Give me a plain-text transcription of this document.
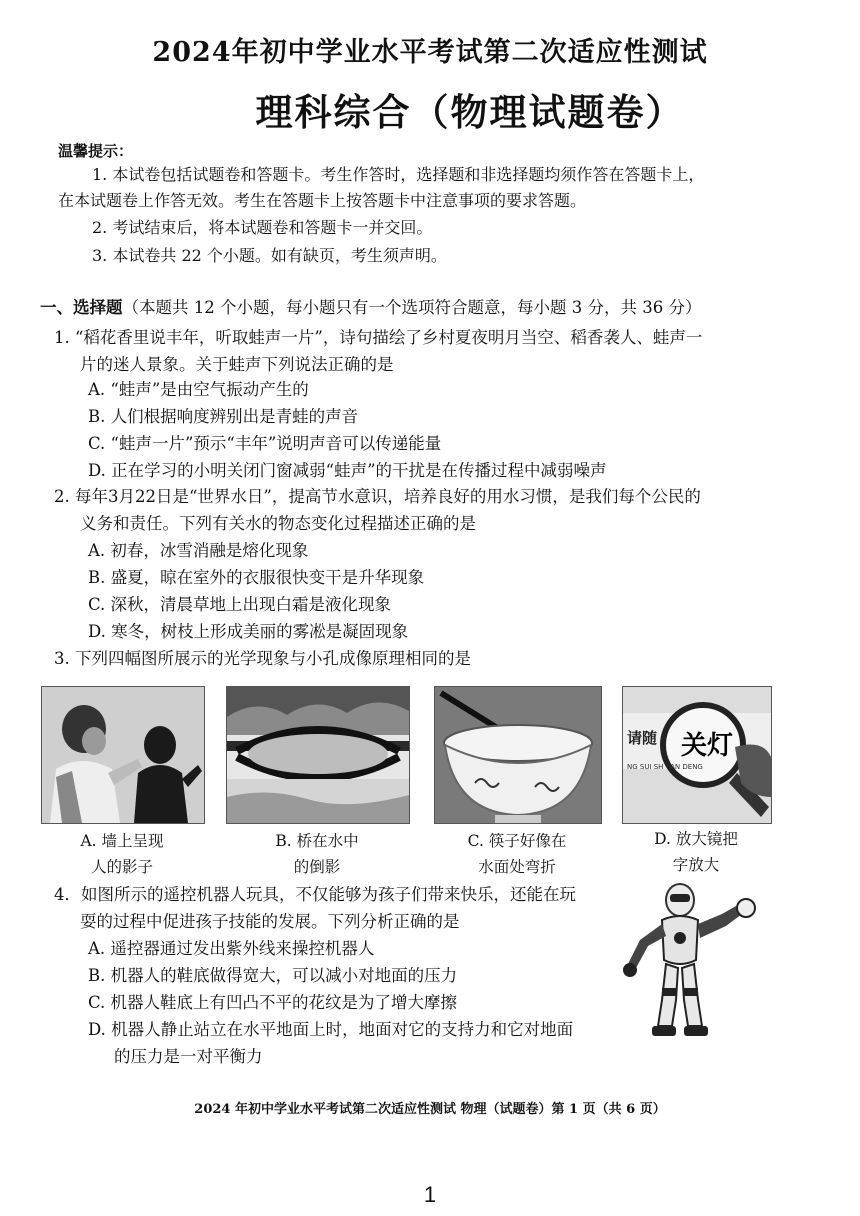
2024年初中学业水平考试第二次适应性测试
理科综合（物理试题卷）
温馨提示：
1. 本试卷包括试题卷和答题卡。考生作答时，选择题和非选择题均须作答在答题卡上，
在本试题卷上作答无效。考生在答题卡上按答题卡中注意事项的要求答题。
2. 考试结束后，将本试题卷和答题卡一并交回。
3. 本试卷共 22 个小题。如有缺页，考生须声明。
一、选择题（本题共 12 个小题，每小题只有一个选项符合题意，每小题 3 分，共 36 分）
1. “稻花香里说丰年，听取蛙声一片”，诗句描绘了乡村夏夜明月当空、稻香袭人、蛙声一
片的迷人景象。关于蛙声下列说法正确的是
A. “蛙声”是由空气振动产生的
B. 人们根据响度辨别出是青蛙的声音
C. “蛙声一片”预示“丰年”说明声音可以传递能量
D. 正在学习的小明关闭门窗减弱“蛙声”的干扰是在传播过程中减弱噪声
2. 每年3月22日是“世界水日”，提高节水意识，培养良好的用水习惯，是我们每个公民的
义务和责任。下列有关水的物态变化过程描述正确的是
A. 初春，冰雪消融是熔化现象
B. 盛夏，晾在室外的衣服很快变干是升华现象
C. 深秋，清晨草地上出现白霜是液化现象
D. 寒冬，树枝上形成美丽的雾凇是凝固现象
3. 下列四幅图所展示的光学现象与小孔成像原理相同的是
请随 关灯
NG SUI SH   AN DENG
A. 墙上呈现
人的影子
B. 桥在水中
的倒影
C. 筷子好像在
水面处弯折
D. 放大镜把
字放大
4．如图所示的遥控机器人玩具，不仅能够为孩子们带来快乐，还能在玩
耍的过程中促进孩子技能的发展。下列分析正确的是
A. 遥控器通过发出紫外线来操控机器人
B. 机器人的鞋底做得宽大，可以减小对地面的压力
C. 机器人鞋底上有凹凸不平的花纹是为了增大摩擦
D. 机器人静止站立在水平地面上时，地面对它的支持力和它对地面
的压力是一对平衡力
2024 年初中学业水平考试第二次适应性测试 物理（试题卷）第 1 页（共 6 页）
1
